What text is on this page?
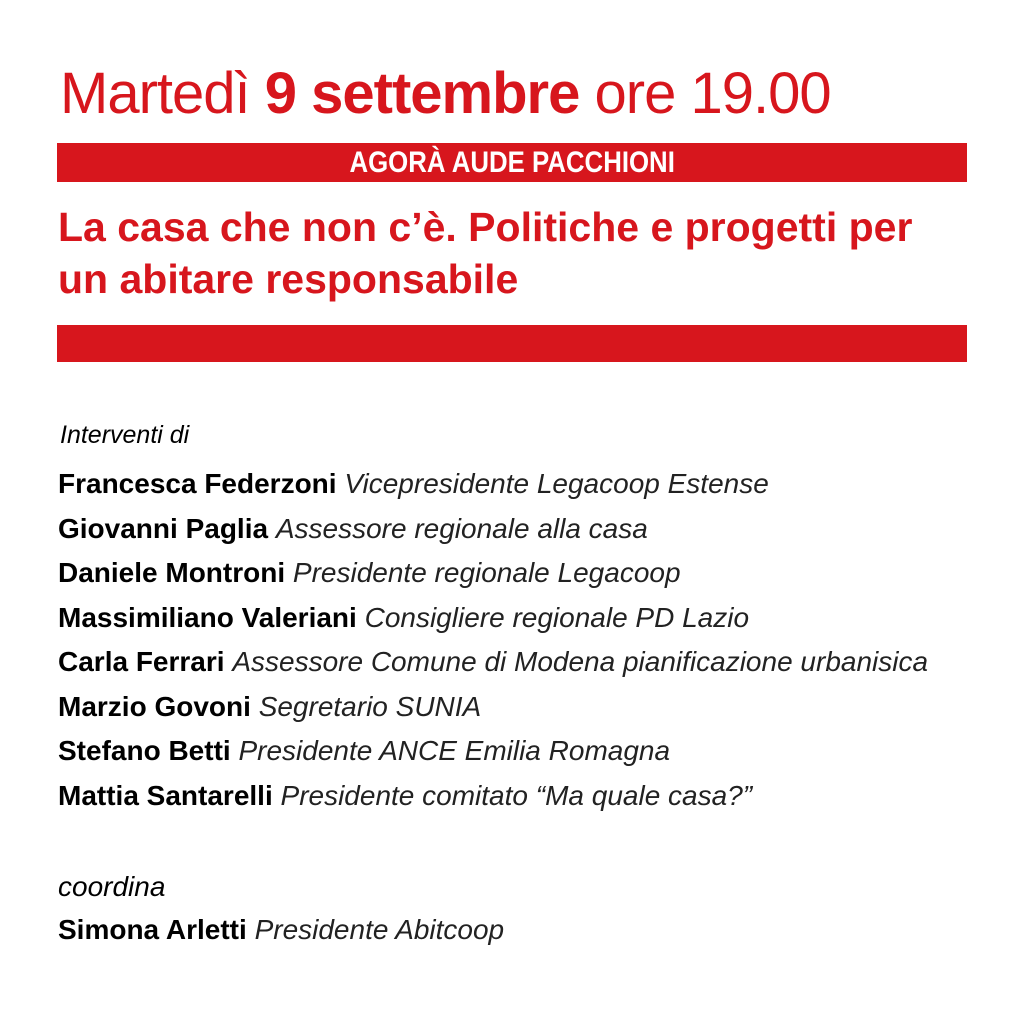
Martedì 9 settembre ore 19.00
AGORÀ AUDE PACCHIONI
La casa che non c’è. Politiche e progetti per un abitare responsabile
Interventi di
Francesca Federzoni Vicepresidente Legacoop Estense
Giovanni Paglia Assessore regionale alla casa
Daniele Montroni Presidente regionale Legacoop
Massimiliano Valeriani Consigliere regionale PD Lazio
Carla Ferrari Assessore Comune di Modena pianificazione urbanisica
Marzio Govoni Segretario SUNIA
Stefano Betti Presidente ANCE Emilia Romagna
Mattia Santarelli Presidente comitato “Ma quale casa?”
coordina
Simona Arletti Presidente Abitcoop
